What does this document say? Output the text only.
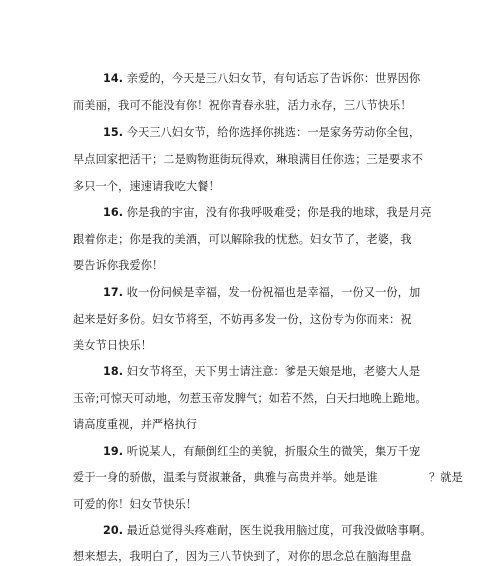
14. 亲爱的，今天是三八妇女节，有句话忘了告诉你：世界因你
而美丽，我可不能没有你！祝你青春永驻，活力永存，三八节快乐！
15. 今天三八妇女节，给你选择你挑选：一是家务劳动你全包，
早点回家把活干；二是购物逛街玩得欢，琳琅满目任你选；三是要求不
多只一个，速速请我吃大餐！
16. 你是我的宇宙，没有你我呼吸难受；你是我的地球，我是月亮
跟着你走；你是我的美酒，可以解除我的忧愁。妇女节了，老婆，我
要告诉你我爱你！
17. 收一份问候是幸福，发一份祝福也是幸福，一份又一份，加
起来是好多份。妇女节将至，不妨再多发一份，这份专为你而来：祝
美女节日快乐！
18. 妇女节将至，天下男士请注意：爹是天娘是地，老婆大人是
玉帝;可惊天可动地，勿惹玉帝发脾气；如若不然，白天扫地晚上跪地。
请高度重视，并严格执行
19. 听说某人，有颠倒红尘的美貌，折服众生的微笑，集万千宠
爱于一身的骄傲，温柔与贤淑兼备，典雅与高贵并举。她是谁              ？就是
可爱的你！妇女节快乐！
20. 最近总觉得头疼难耐，医生说我用脑过度，可我没做啥事啊。
想来想去，我明白了，因为三八节快到了，对你的思念总在脑海里盘
